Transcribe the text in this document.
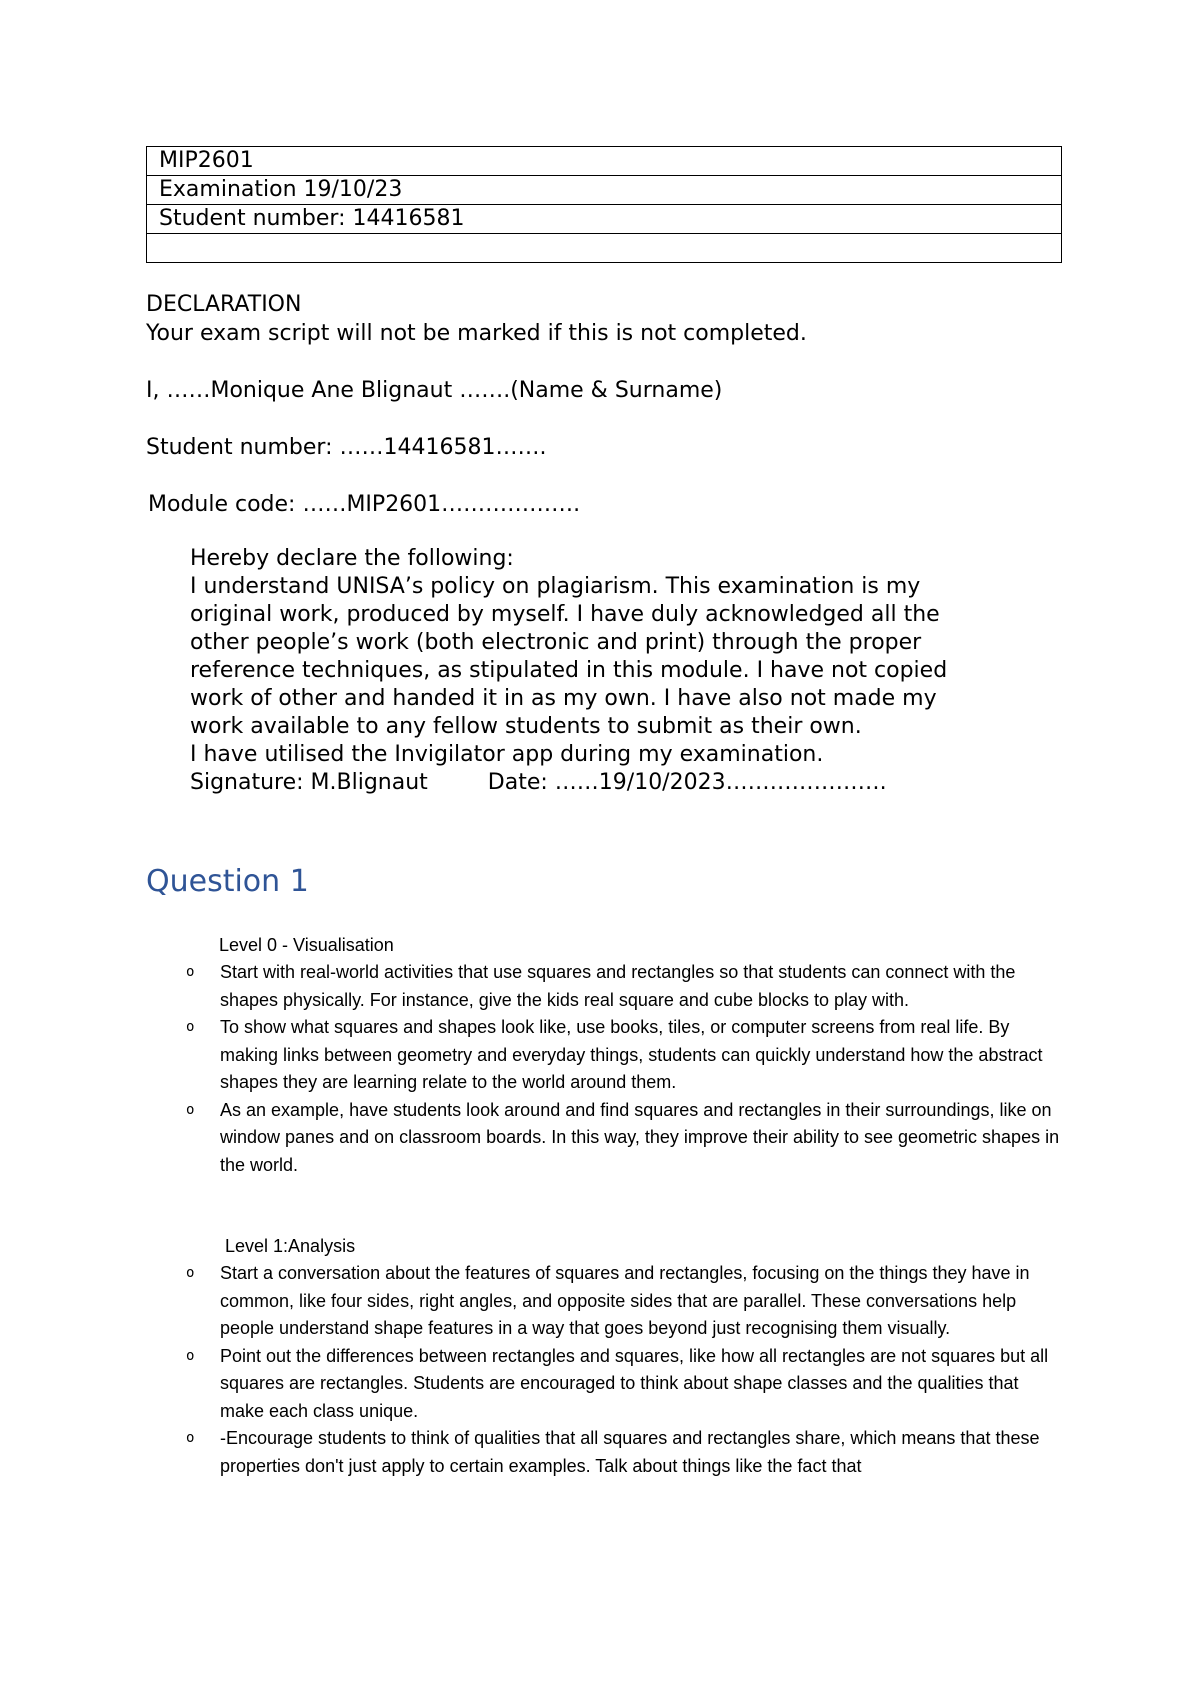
MIP2601
Examination 19/10/23
Student number: 14416581

DECLARATION
Your exam script will not be marked if this is not completed.
I, ……Monique Ane Blignaut …….(Name & Surname)
Student number: ……14416581…….
Module code: ……MIP2601……………….
Hereby declare the following:
I understand UNISA’s policy on plagiarism. This examination is my
original work, produced by myself. I have duly acknowledged all the
other people’s work (both electronic and print) through the proper
reference techniques, as stipulated in this module. I have not copied
work of other and handed it in as my own. I have also not made my
work available to any fellow students to submit as their own.
I have utilised the Invigilator app during my examination.
Signature: M.Blignaut	Date: ……19/10/2023………………….
Question 1
Level 0 - Visualisation
o	Start with real-world activities that use squares and rectangles so that students can connect with the shapes physically. For instance, give the kids real square and cube blocks to play with.
o	To show what squares and shapes look like, use books, tiles, or computer screens from real life. By making links between geometry and everyday things, students can quickly understand how the abstract shapes they are learning relate to the world around them.
o	As an example, have students look around and find squares and rectangles in their surroundings, like on window panes and on classroom boards. In this way, they improve their ability to see geometric shapes in the world.
Level 1:Analysis
o	Start a conversation about the features of squares and rectangles, focusing on the things they have in common, like four sides, right angles, and opposite sides that are parallel. These conversations help people understand shape features in a way that goes beyond just recognising them visually.
o	Point out the differences between rectangles and squares, like how all rectangles are not squares but all squares are rectangles. Students are encouraged to think about shape classes and the qualities that make each class unique.
o	-Encourage students to think of qualities that all squares and rectangles share, which means that these properties don't just apply to certain examples. Talk about things like the fact that
